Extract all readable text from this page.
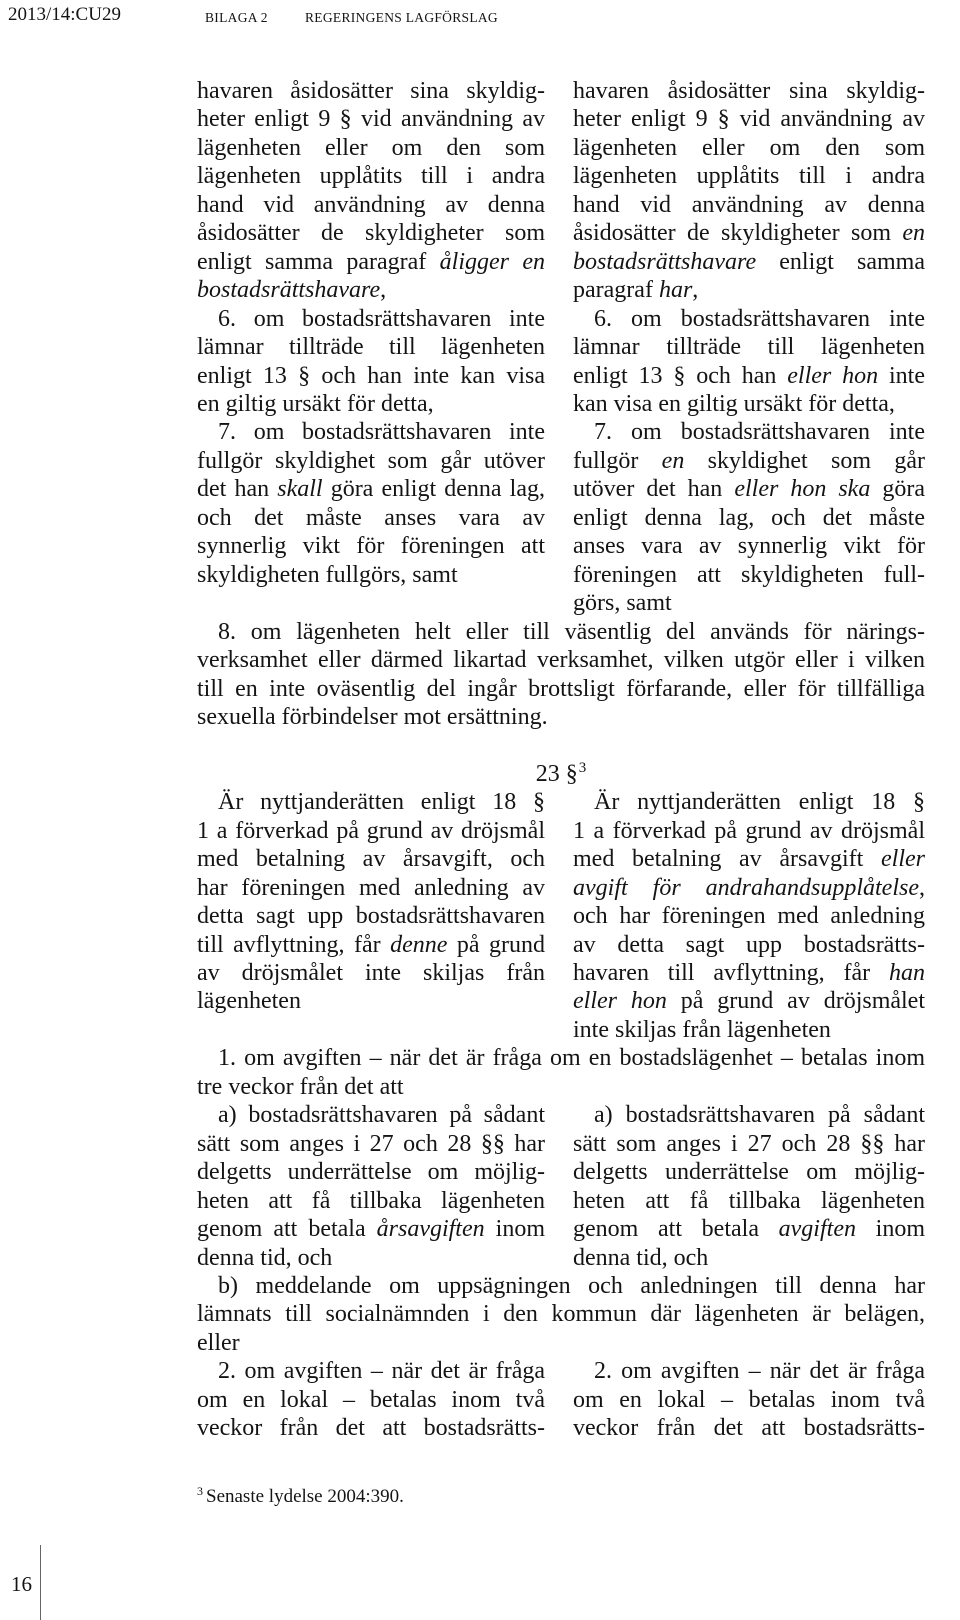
2013/14:CU29	BILAGA 2	REGERINGENS LAGFÖRSLAG
havaren åsidosätter sina skyldig-
heter enligt 9 § vid användning av
lägenheten eller om den som
lägenheten upplåtits till i andra
hand vid användning av denna
åsidosätter de skyldigheter som
enligt samma paragraf åligger en
bostadsrättshavare,
6. om bostadsrättshavaren inte
lämnar tillträde till lägenheten
enligt 13 § och han inte kan visa
en giltig ursäkt för detta,
7. om bostadsrättshavaren inte
fullgör skyldighet som går utöver
det han skall göra enligt denna lag,
och det måste anses vara av
synnerlig vikt för föreningen att
skyldigheten fullgörs, samt
havaren åsidosätter sina skyldig-
heter enligt 9 § vid användning av
lägenheten eller om den som
lägenheten upplåtits till i andra
hand vid användning av denna
åsidosätter de skyldigheter som en
bostadsrättshavare enligt samma
paragraf har,
6. om bostadsrättshavaren inte
lämnar tillträde till lägenheten
enligt 13 § och han eller hon inte
kan visa en giltig ursäkt för detta,
7. om bostadsrättshavaren inte
fullgör en skyldighet som går
utöver det han eller hon ska göra
enligt denna lag, och det måste
anses vara av synnerlig vikt för
föreningen att skyldigheten full-
görs, samt
8. om lägenheten helt eller till väsentlig del används för närings-
verksamhet eller därmed likartad verksamhet, vilken utgör eller i vilken
till en inte oväsentlig del ingår brottsligt förfarande, eller för tillfälliga
sexuella förbindelser mot ersättning.
23 §$^3$
Är nyttjanderätten enligt 18 §
1 a förverkad på grund av dröjsmål
med betalning av årsavgift, och
har föreningen med anledning av
detta sagt upp bostadsrättshavaren
till avflyttning, får denne på grund
av dröjsmålet inte skiljas från
lägenheten
Är nyttjanderätten enligt 18 §
1 a förverkad på grund av dröjsmål
med betalning av årsavgift eller
avgift för andrahandsupplåtelse,
och har föreningen med anledning
av detta sagt upp bostadsrätts-
havaren till avflyttning, får han
eller hon på grund av dröjsmålet
inte skiljas från lägenheten
1. om avgiften – när det är fråga om en bostadslägenhet – betalas inom
tre veckor från det att
a) bostadsrättshavaren på sådant
sätt som anges i 27 och 28 §§ har
delgetts underrättelse om möjlig-
heten att få tillbaka lägenheten
genom att betala årsavgiften inom
denna tid, och
a) bostadsrättshavaren på sådant
sätt som anges i 27 och 28 §§ har
delgetts underrättelse om möjlig-
heten att få tillbaka lägenheten
genom att betala avgiften inom
denna tid, och
b) meddelande om uppsägningen och anledningen till denna har
lämnats till socialnämnden i den kommun där lägenheten är belägen,
eller
2. om avgiften – när det är fråga
om en lokal – betalas inom två
veckor från det att bostadsrätts-
2. om avgiften – när det är fråga
om en lokal – betalas inom två
veckor från det att bostadsrätts-
$^3$ Senaste lydelse 2004:390.
16
